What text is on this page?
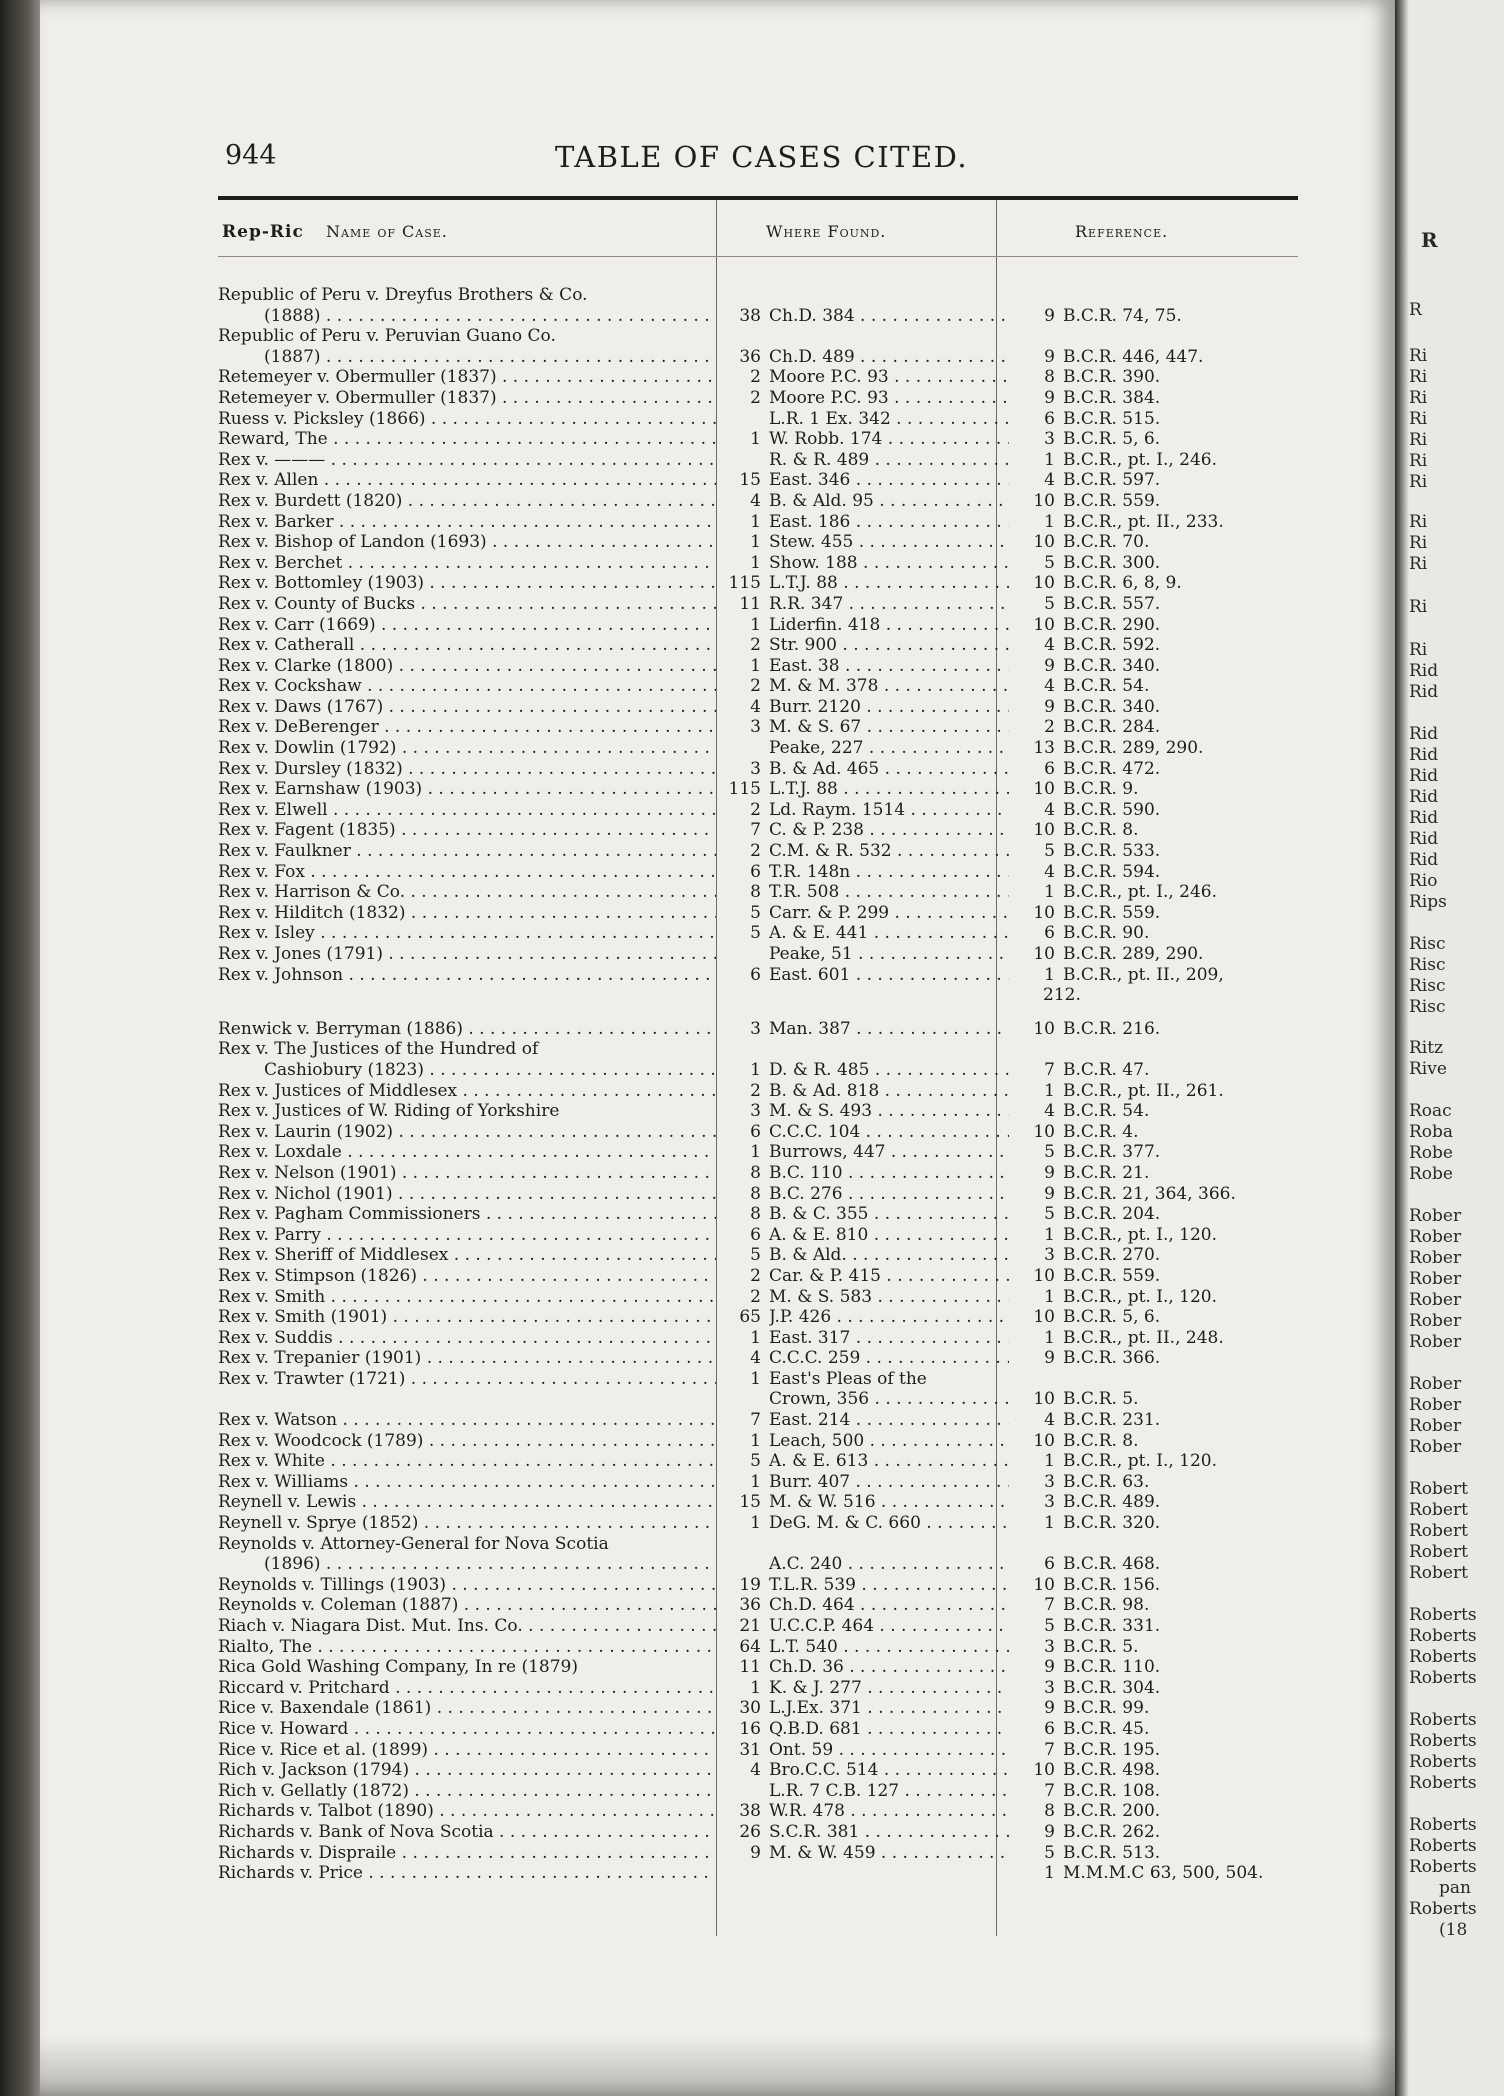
944	TABLE OF CASES CITED.
Rep-Ric Name of Case.	Where Found.	Reference.
Republic of Peru v. Dreyfus Brothers & Co.
(1888) . . .	38 Ch.D. 384 . . .	9 B.C.R. 74, 75.
Republic of Peru v. Peruvian Guano Co.
(1887) . . .	36 Ch.D. 489 . . .	9 B.C.R. 446, 447.
Retemeyer v. Obermuller (1837) . . .	2 Moore P.C. 93 . . .	8 B.C.R. 390.
Retemeyer v. Obermuller (1837) . . .	2 Moore P.C. 93 . . .	9 B.C.R. 384.
Ruess v. Picksley (1866) . . .	L.R. 1 Ex. 342 . . .	6 B.C.R. 515.
Reward, The . . .	1 W. Robb. 174 . . .	3 B.C.R. 5, 6.
Rex v. ——— . . .	R. & R. 489 . . .	1 B.C.R., pt. I., 246.
Rex v. Allen . . .	15 East. 346 . . .	4 B.C.R. 597.
Rex v. Burdett (1820) . . .	4 B. & Ald. 95 . . .	10 B.C.R. 559.
Rex v. Barker . . .	1 East. 186 . . .	1 B.C.R., pt. II., 233.
Rex v. Bishop of Landon (1693) . . .	1 Stew. 455 . . .	10 B.C.R. 70.
Rex v. Berchet . . .	1 Show. 188 . . .	5 B.C.R. 300.
Rex v. Bottomley (1903) . . .	115 L.T.J. 88 . . .	10 B.C.R. 6, 8, 9.
Rex v. County of Bucks . . .	11 R.R. 347 . . .	5 B.C.R. 557.
Rex v. Carr (1669) . . .	1 Liderfin. 418 . . .	10 B.C.R. 290.
Rex v. Catherall . . .	2 Str. 900 . . .	4 B.C.R. 592.
Rex v. Clarke (1800) . . .	1 East. 38 . . .	9 B.C.R. 340.
Rex v. Cockshaw . . .	2 M. & M. 378 . . .	4 B.C.R. 54.
Rex v. Daws (1767) . . .	4 Burr. 2120 . . .	9 B.C.R. 340.
Rex v. DeBerenger . . .	3 M. & S. 67 . . .	2 B.C.R. 284.
Rex v. Dowlin (1792) . . .	Peake, 227 . . .	13 B.C.R. 289, 290.
Rex v. Dursley (1832) . . .	3 B. & Ad. 465 . . .	6 B.C.R. 472.
Rex v. Earnshaw (1903) . . .	115 L.T.J. 88 . . .	10 B.C.R. 9.
Rex v. Elwell . . .	2 Ld. Raym. 1514 . . .	4 B.C.R. 590.
Rex v. Fagent (1835) . . .	7 C. & P. 238 . . .	10 B.C.R. 8.
Rex v. Faulkner . . .	2 C.M. & R. 532 . . .	5 B.C.R. 533.
Rex v. Fox . . .	6 T.R. 148n . . .	4 B.C.R. 594.
Rex v. Harrison & Co. . . .	8 T.R. 508 . . .	1 B.C.R., pt. I., 246.
Rex v. Hilditch (1832) . . .	5 Carr. & P. 299 . . .	10 B.C.R. 559.
Rex v. Isley . . .	5 A. & E. 441 . . .	6 B.C.R. 90.
Rex v. Jones (1791) . . .	Peake, 51 . . .	10 B.C.R. 289, 290.
Rex v. Johnson . . .	6 East. 601 . . .	1 B.C.R., pt. II., 209,
212.
Renwick v. Berryman (1886) . . .	3 Man. 387 . . .	10 B.C.R. 216.
Rex v. The Justices of the Hundred of
Cashiobury (1823) . . .	1 D. & R. 485 . . .	7 B.C.R. 47.
Rex v. Justices of Middlesex . . .	2 B. & Ad. 818 . . .	1 B.C.R., pt. II., 261.
Rex v. Justices of W. Riding of Yorkshire	3 M. & S. 493 . . .	4 B.C.R. 54.
Rex v. Laurin (1902) . . .	6 C.C.C. 104 . . .	10 B.C.R. 4.
Rex v. Loxdale . . .	1 Burrows, 447 . . .	5 B.C.R. 377.
Rex v. Nelson (1901) . . .	8 B.C. 110 . . .	9 B.C.R. 21.
Rex v. Nichol (1901) . . .	8 B.C. 276 . . .	9 B.C.R. 21, 364, 366.
Rex v. Pagham Commissioners . . .	8 B. & C. 355 . . .	5 B.C.R. 204.
Rex v. Parry . . .	6 A. & E. 810 . . .	1 B.C.R., pt. I., 120.
Rex v. Sheriff of Middlesex . . .	5 B. & Ald. . . .	3 B.C.R. 270.
Rex v. Stimpson (1826) . . .	2 Car. & P. 415 . . .	10 B.C.R. 559.
Rex v. Smith . . .	2 M. & S. 583 . . .	1 B.C.R., pt. I., 120.
Rex v. Smith (1901) . . .	65 J.P. 426 . . .	10 B.C.R. 5, 6.
Rex v. Suddis . . .	1 East. 317 . . .	1 B.C.R., pt. II., 248.
Rex v. Trepanier (1901) . . .	4 C.C.C. 259 . . .	9 B.C.R. 366.
Rex v. Trawter (1721) . . .	1 East's Pleas of the
Crown, 356 . . .	10 B.C.R. 5.
Rex v. Watson . . .	7 East. 214 . . .	4 B.C.R. 231.
Rex v. Woodcock (1789) . . .	1 Leach, 500 . . .	10 B.C.R. 8.
Rex v. White . . .	5 A. & E. 613 . . .	1 B.C.R., pt. I., 120.
Rex v. Williams . . .	1 Burr. 407 . . .	3 B.C.R. 63.
Reynell v. Lewis . . .	15 M. & W. 516 . . .	3 B.C.R. 489.
Reynell v. Sprye (1852) . . .	1 DeG. M. & C. 660 . . .	1 B.C.R. 320.
Reynolds v. Attorney-General for Nova Scotia
(1896) . . .	A.C. 240 . . .	6 B.C.R. 468.
Reynolds v. Tillings (1903) . . .	19 T.L.R. 539 . . .	10 B.C.R. 156.
Reynolds v. Coleman (1887) . . .	36 Ch.D. 464 . . .	7 B.C.R. 98.
Riach v. Niagara Dist. Mut. Ins. Co. . . .	21 U.C.C.P. 464 . . .	5 B.C.R. 331.
Rialto, The . . .	64 L.T. 540 . . .	3 B.C.R. 5.
Rica Gold Washing Company, In re (1879)	11 Ch.D. 36 . . .	9 B.C.R. 110.
Riccard v. Pritchard . . .	1 K. & J. 277 . . .	3 B.C.R. 304.
Rice v. Baxendale (1861) . . .	30 L.J.Ex. 371 . . .	9 B.C.R. 99.
Rice v. Howard . . .	16 Q.B.D. 681 . . .	6 B.C.R. 45.
Rice v. Rice et al. (1899) . . .	31 Ont. 59 . . .	7 B.C.R. 195.
Rich v. Jackson (1794) . . .	4 Bro.C.C. 514 . . .	10 B.C.R. 498.
Rich v. Gellatly (1872) . . .	L.R. 7 C.B. 127 . . .	7 B.C.R. 108.
Richards v. Talbot (1890) . . .	38 W.R. 478 . . .	8 B.C.R. 200.
Richards v. Bank of Nova Scotia . . .	26 S.C.R. 381 . . .	9 B.C.R. 262.
Richards v. Dispraile . . .	9 M. & W. 459 . . .	5 B.C.R. 513.
Richards v. Price . . .	1 M.M.M.C 63, 500, 504.
R
R
Ri
Ri
Ri
Ri
Ri
Ri
Ri
Ri
Ri
Ri
Ri
Ri
Rid
Rid
Rid
Rid
Rid
Rid
Rid
Rid
Rid
Rio
Rips
Risc
Risc
Risc
Risc
Ritz
Rive
Roac
Roba
Robe
Robe
Rober
Rober
Rober
Rober
Rober
Rober
Rober
Rober
Rober
Rober
Rober
Robert
Robert
Robert
Robert
Robert
Roberts
Roberts
Roberts
Roberts
Roberts
Roberts
Roberts
Roberts
Roberts
Roberts
Roberts
pan
Roberts
(18
